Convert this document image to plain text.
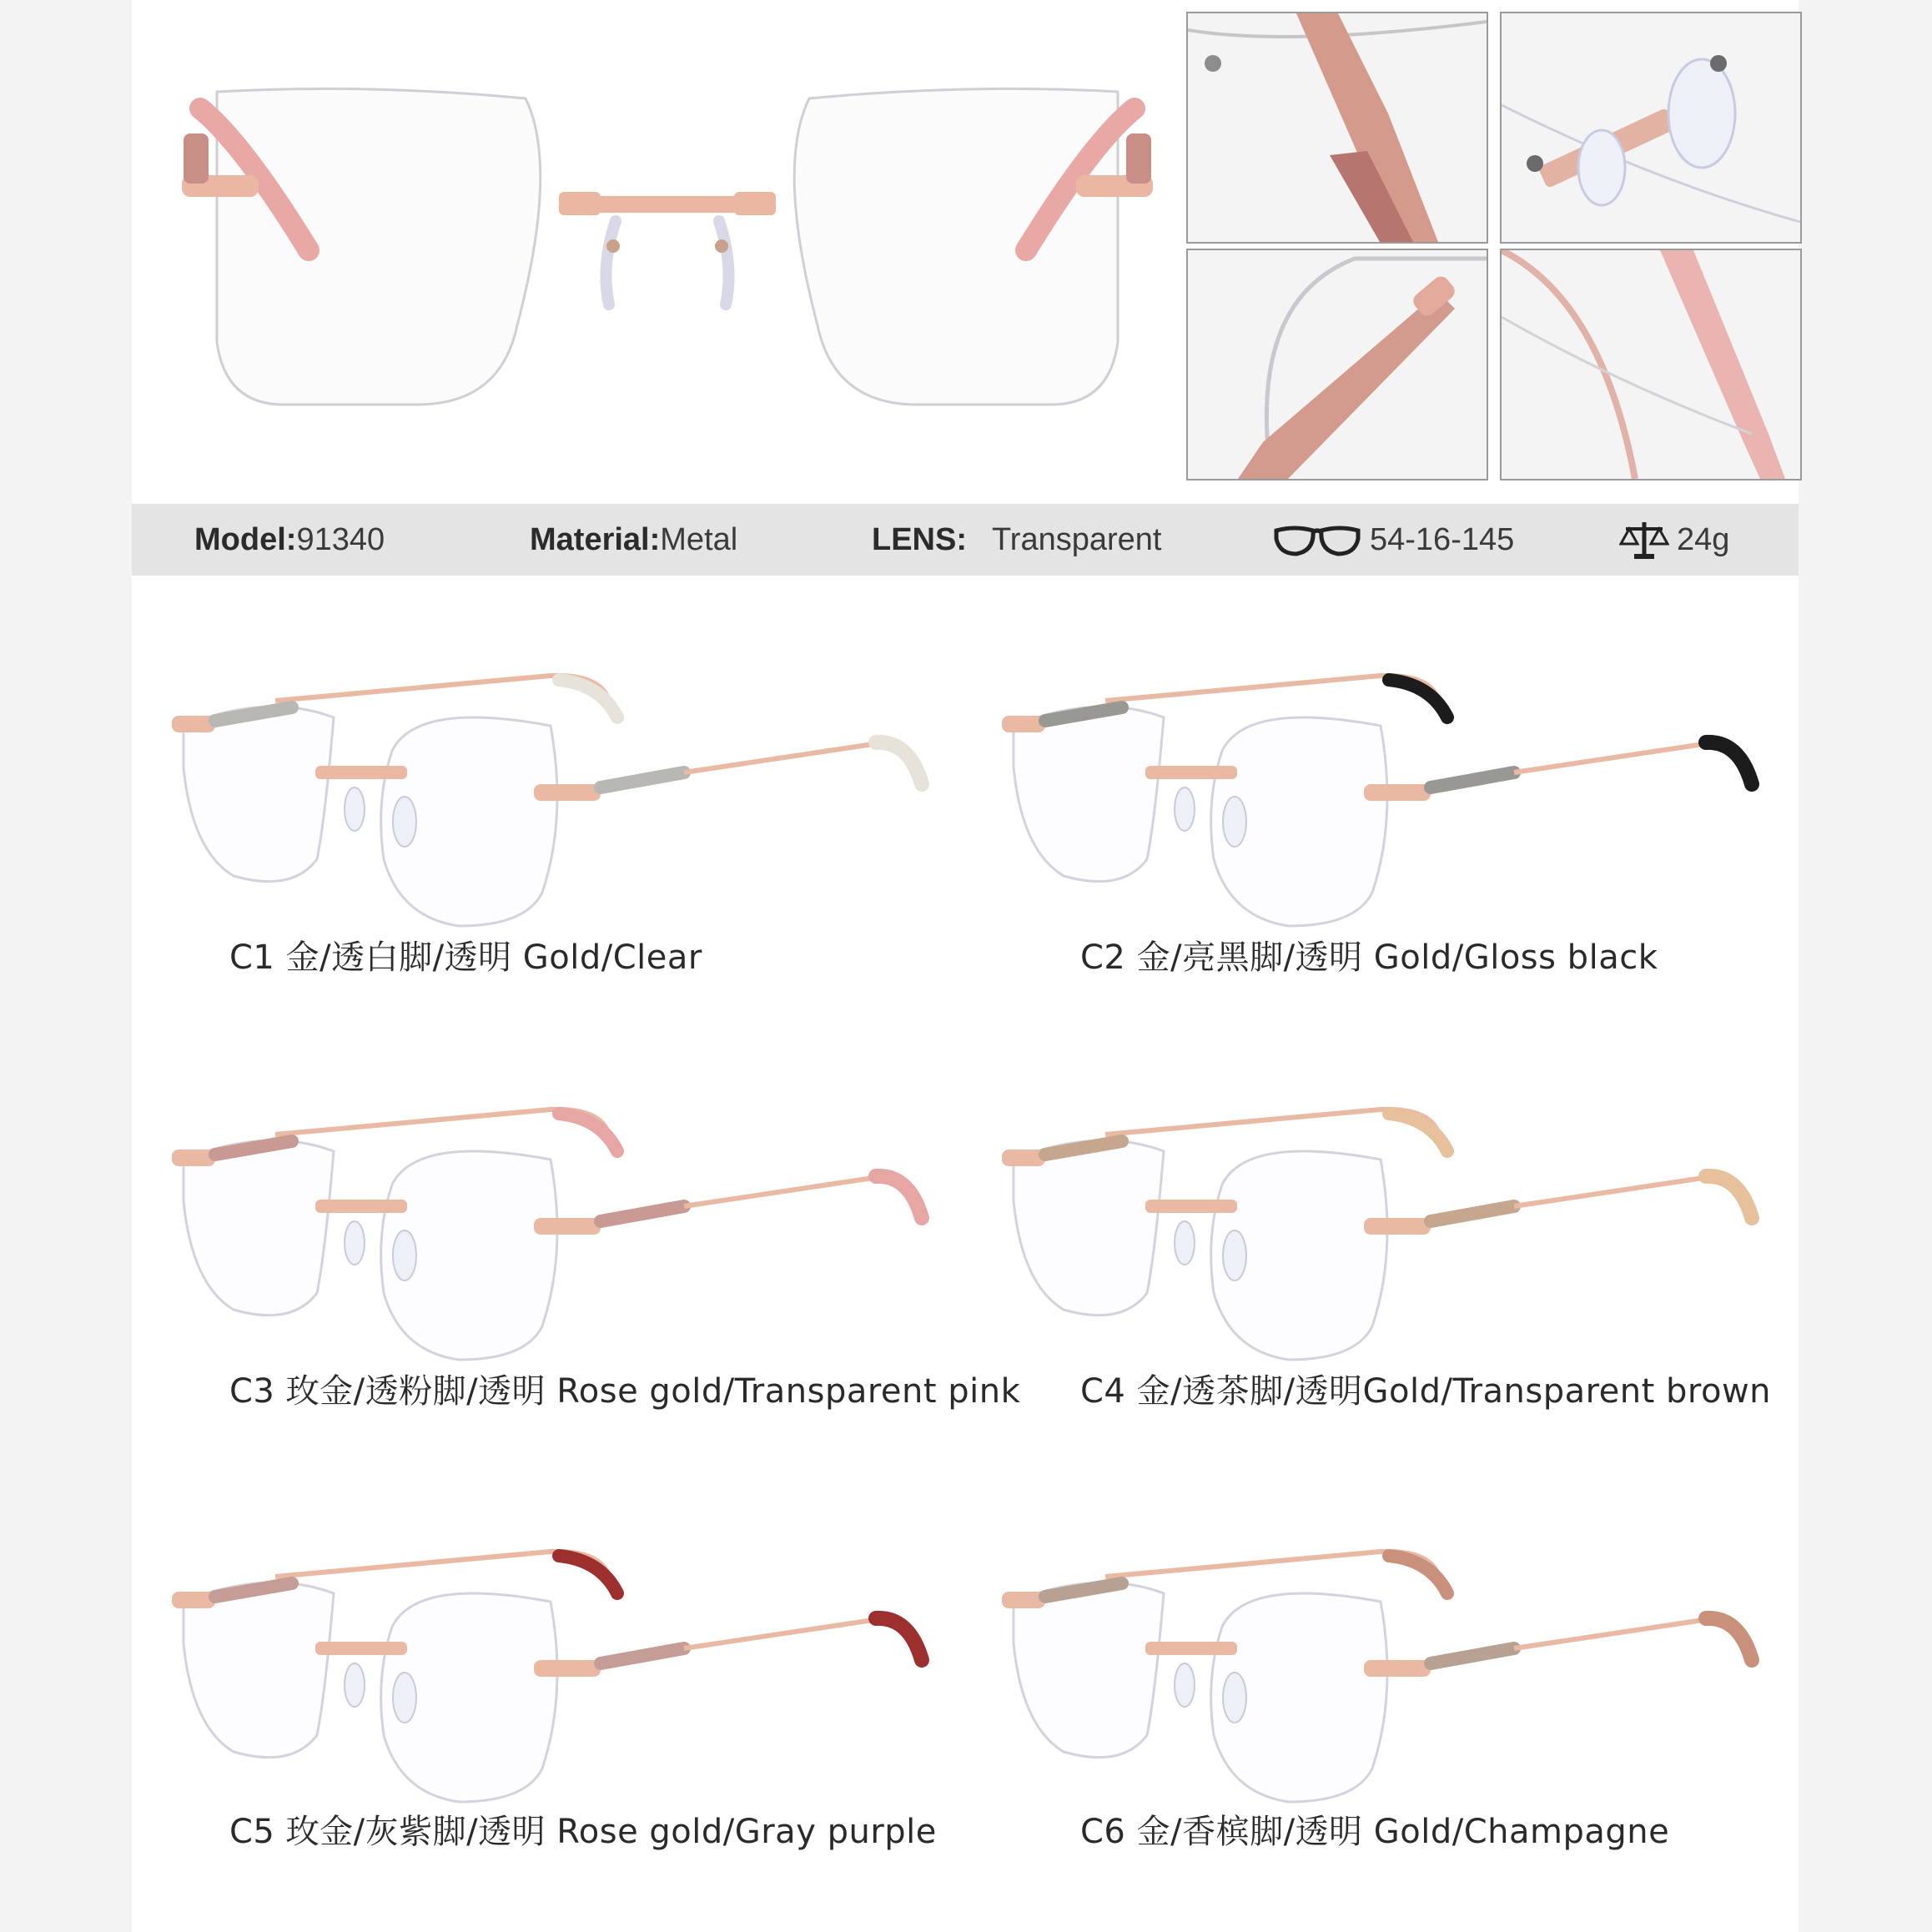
Model:91340	Material:Metal	LENS: Transparent	54-16-145	24g
C1 金/透白脚/透明 Gold/Clear	C2 金/亮黑脚/透明 Gold/Gloss black
C3 玫金/透粉脚/透明 Rose gold/Transparent pink C4 金/透茶脚/透明Gold/Transparent brown
C5 玫金/灰紫脚/透明 Rose gold/Gray purple	C6 金/香槟脚/透明 Gold/Champagne
